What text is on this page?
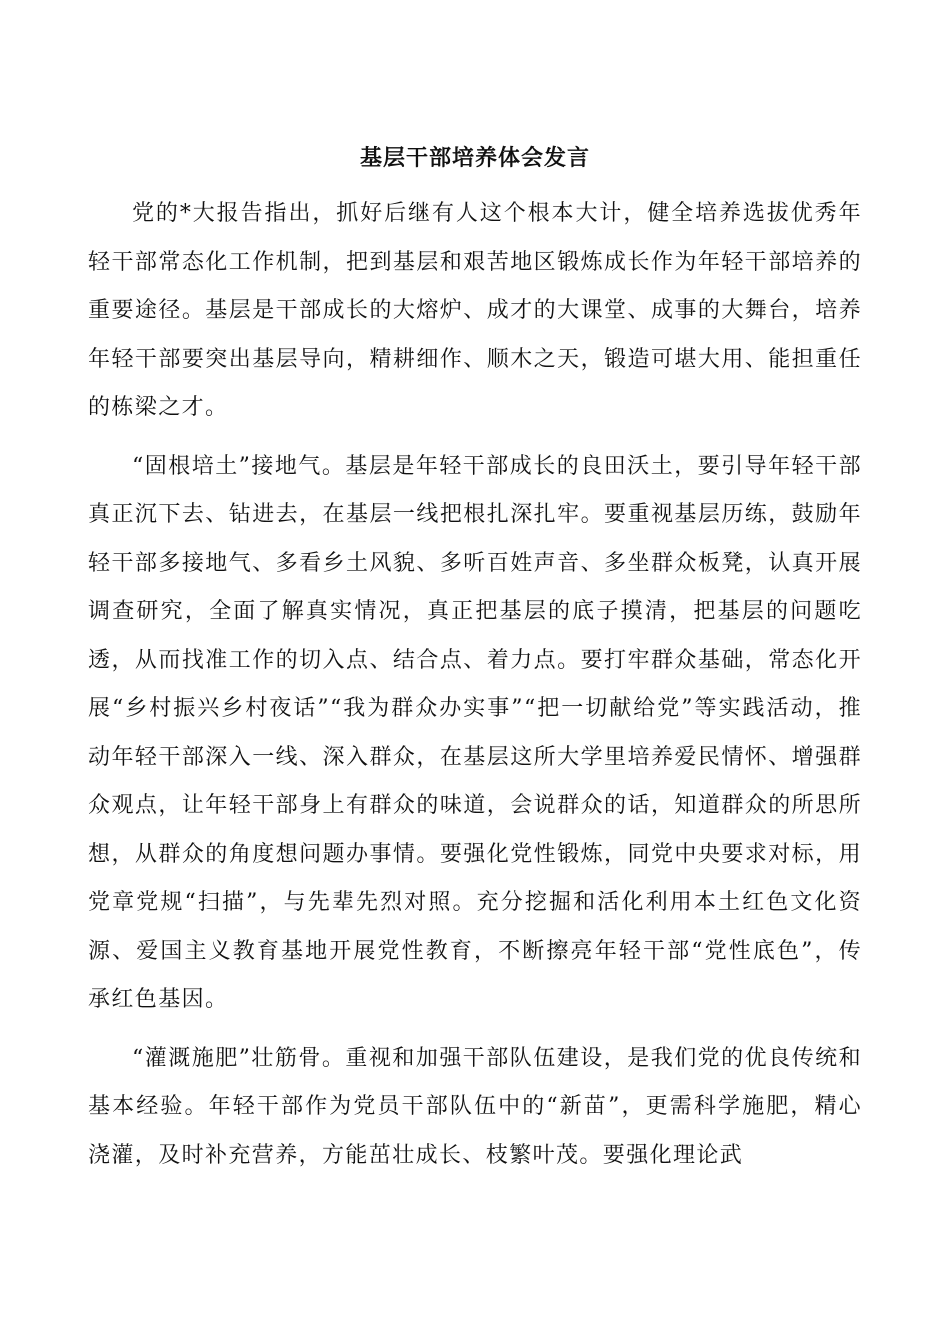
基层干部培养体会发言

党的*大报告指出，抓好后继有人这个根本大计，健全培养选拔优秀年轻干部常态化工作机制，把到基层和艰苦地区锻炼成长作为年轻干部培养的重要途径。基层是干部成长的大熔炉、成才的大课堂、成事的大舞台，培养年轻干部要突出基层导向，精耕细作、顺木之天，锻造可堪大用、能担重任的栋梁之才。

“固根培土”接地气。基层是年轻干部成长的良田沃土，要引导年轻干部真正沉下去、钻进去，在基层一线把根扎深扎牢。要重视基层历练，鼓励年轻干部多接地气、多看乡土风貌、多听百姓声音、多坐群众板凳，认真开展调查研究，全面了解真实情况，真正把基层的底子摸清，把基层的问题吃透，从而找准工作的切入点、结合点、着力点。要打牢群众基础，常态化开展“乡村振兴乡村夜话”“我为群众办实事”“把一切献给党”等实践活动，推动年轻干部深入一线、深入群众，在基层这所大学里培养爱民情怀、增强群众观点，让年轻干部身上有群众的味道，会说群众的话，知道群众的所思所想，从群众的角度想问题办事情。要强化党性锻炼，同党中央要求对标，用党章党规“扫描”，与先辈先烈对照。充分挖掘和活化利用本土红色文化资源、爱国主义教育基地开展党性教育，不断擦亮年轻干部“党性底色”，传承红色基因。

“灌溉施肥”壮筋骨。重视和加强干部队伍建设，是我们党的优良传统和基本经验。年轻干部作为党员干部队伍中的“新苗”，更需科学施肥，精心浇灌，及时补充营养，方能茁壮成长、枝繁叶茂。要强化理论武
